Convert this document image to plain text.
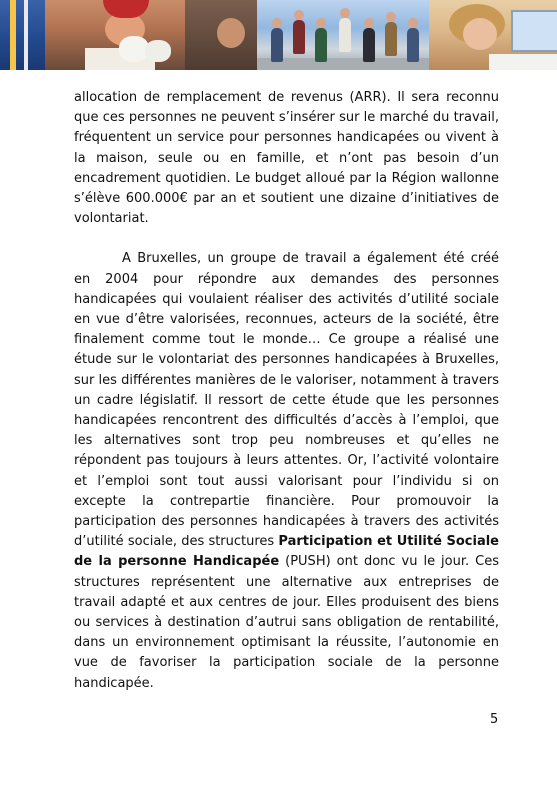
allocation de remplacement de revenus (ARR). Il sera reconnu que ces personnes ne peuvent s’insérer sur le marché du travail, fréquentent un service pour personnes handicapées ou vivent à la maison, seule ou en famille, et n’ont pas besoin d’un encadrement quotidien. Le budget alloué par la Région wallonne s’élève 600.000€ par an et soutient une dizaine d’initiatives de volontariat.

A Bruxelles, un groupe de travail a également été créé en 2004 pour répondre aux demandes des personnes handicapées qui voulaient réaliser des activités d’utilité sociale en vue d’être valorisées, reconnues, acteurs de la société, être finalement comme tout le monde… Ce groupe a réalisé une étude sur le volontariat des personnes handicapées à Bruxelles, sur les différentes manières de le valoriser, notamment à travers un cadre législatif. Il ressort de cette étude que les personnes handicapées rencontrent des difficultés d’accès à l’emploi, que les alternatives sont trop peu nombreuses et qu’elles ne répondent pas toujours à leurs attentes. Or, l’activité volontaire et l’emploi sont tout aussi valorisant pour l’individu si on excepte la contrepartie financière. Pour promouvoir la participation des personnes handicapées à travers des activités d’utilité sociale, des structures Participation et Utilité Sociale de la personne Handicapée (PUSH) ont donc vu le jour. Ces structures représentent une alternative aux entreprises de travail adapté et aux centres de jour. Elles produisent des biens ou services à destination d’autrui sans obligation de rentabilité, dans un environnement optimisant la réussite, l’autonomie en vue de favoriser la participation sociale de la personne handicapée.

5
